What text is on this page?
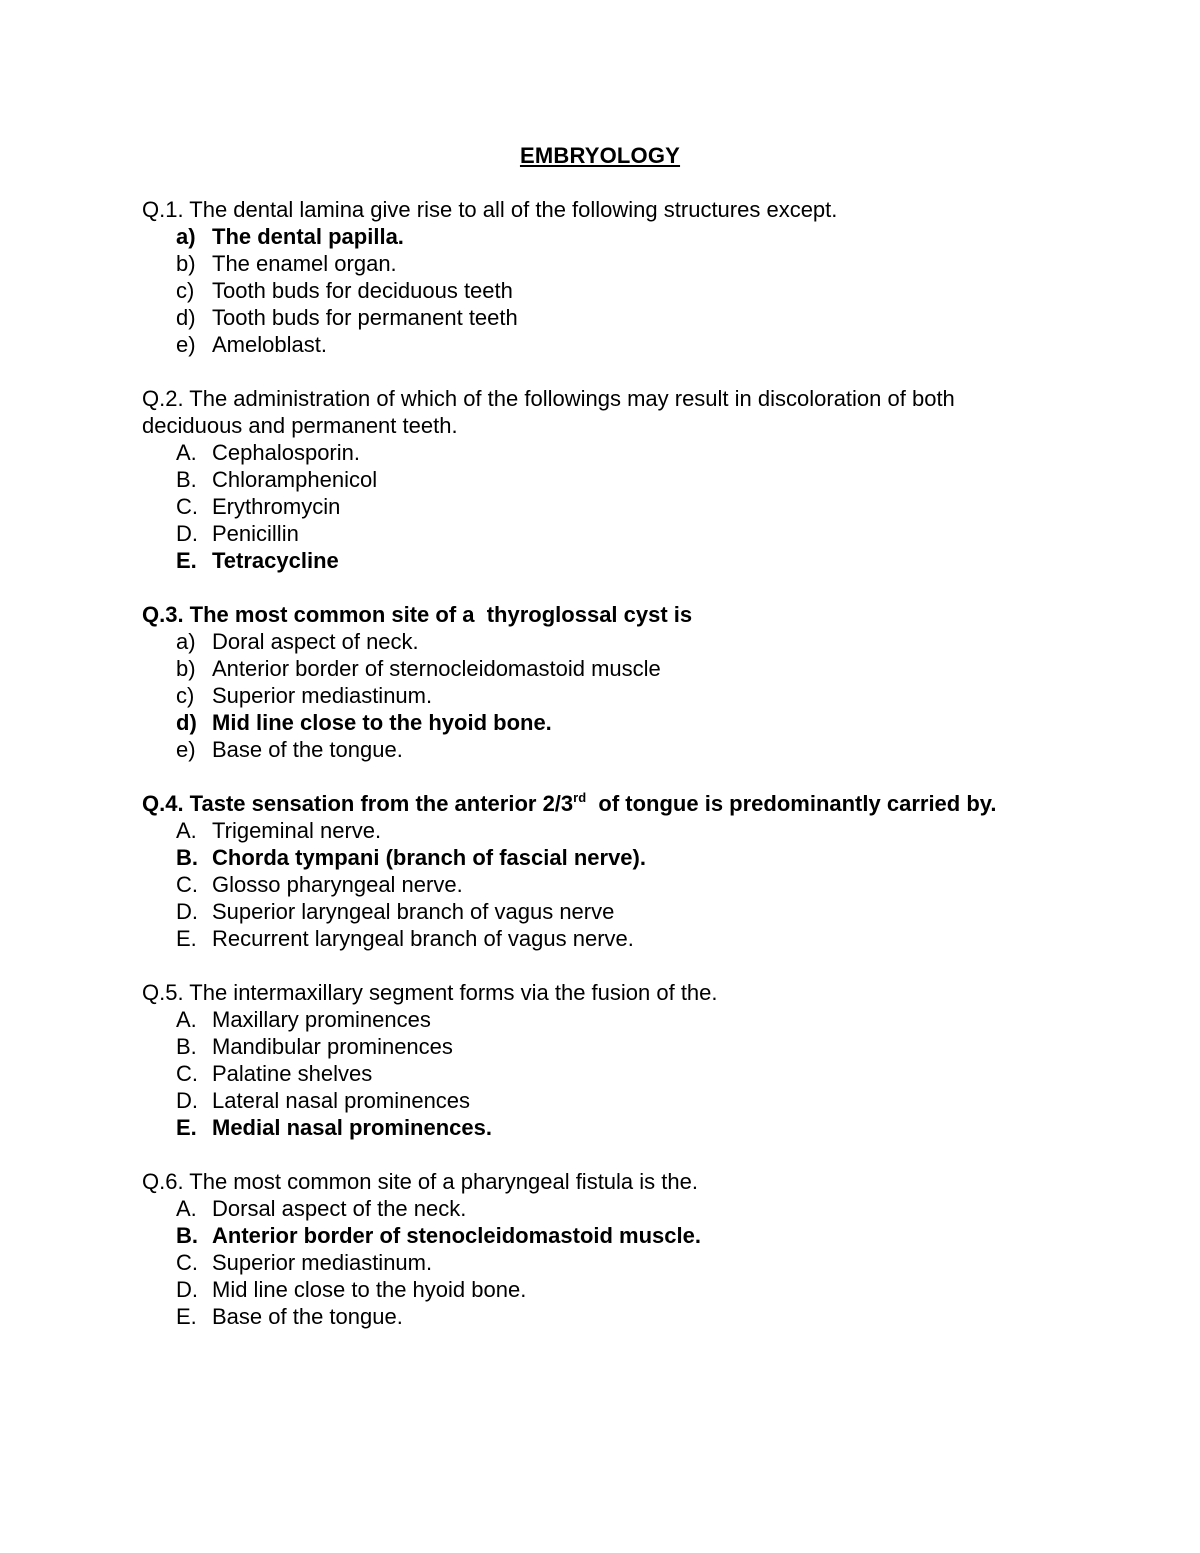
EMBRYOLOGY

Q.1. The dental lamina give rise to all of the following structures except.

a) The dental papilla.
b) The enamel organ.
c) Tooth buds for deciduous teeth
d) Tooth buds for permanent teeth
e) Ameloblast.

Q.2. The administration of which of the followings may result in discoloration of both deciduous and permanent teeth.

A. Cephalosporin.
B. Chloramphenicol
C. Erythromycin
D. Penicillin
E. Tetracycline

Q.3. The most common site of a  thyroglossal cyst is

a) Doral aspect of neck.
b) Anterior border of sternocleidomastoid muscle
c) Superior mediastinum.
d) Mid line close to the hyoid bone.
e) Base of the tongue.

Q.4. Taste sensation from the anterior 2/3rd  of tongue is predominantly carried by.

A. Trigeminal nerve.
B. Chorda tympani (branch of fascial nerve).
C. Glosso pharyngeal nerve.
D. Superior laryngeal branch of vagus nerve
E. Recurrent laryngeal branch of vagus nerve.

Q.5. The intermaxillary segment forms via the fusion of the.

A. Maxillary prominences
B. Mandibular prominences
C. Palatine shelves
D. Lateral nasal prominences
E. Medial nasal prominences.

Q.6. The most common site of a pharyngeal fistula is the.

A. Dorsal aspect of the neck.
B. Anterior border of stenocleidomastoid muscle.
C. Superior mediastinum.
D. Mid line close to the hyoid bone.
E. Base of the tongue.
